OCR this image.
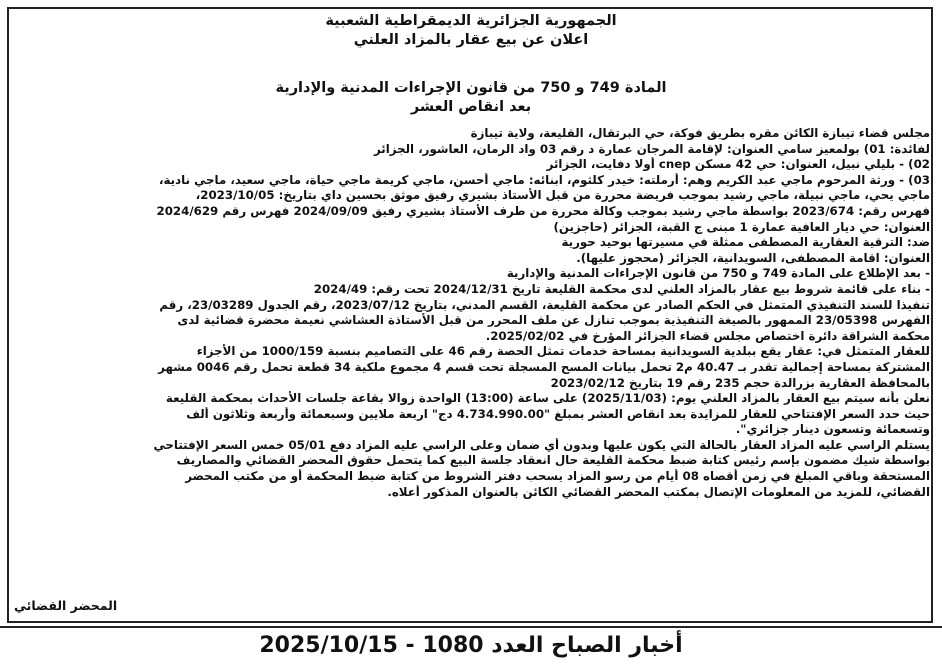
الجمهورية الجزائرية الديمقراطية الشعبية
اعلان عن بيع عقار بالمزاد العلني
المادة 749 و 750 من قانون الإجراءات المدنية والإدارية
بعد انقاص العشر

مجلس قضاء تيبازة الكائن مقره بطريق فوكة، حي البرتقال، القليعة، ولاية تيبازة

لفائدة: 01) بولمعيز سامي العنوان: لإقامة المرجان عمارة د رقم 03 واد الرمان، العاشور، الجزائر

02) - بليلي نبيل، العنوان: حي 42 مسكن cnep أولا دفايت، الجزائر

03) - ورثة المرحوم ماجي عبد الكريم وهم: أرملته: خيدر كلثوم، ابنائه: ماجي أحسن، ماجي كريمة ماجي حياة، ماجي سعيد، ماجي نادية،

ماجي يحي، ماجي نبيلة، ماجي رشيد بموجب فريضة محررة من قبل الأستاذ بشيري رفيق موثق بحسين داي بتاريخ: 2023/10/05،

فهرس رقم: 2023/674 بواسطة ماجي رشيد بموجب وكالة محررة من طرف الأستاذ بشيري رفيق 2024/09/09 فهرس رقم 2024/629

العنوان: حي ديار العافية عمارة 1 مبنى ج القبة، الجزائر (حاجزين)

ضد: الترقية العقارية المصطفى ممثلة في مسيرتها بوحيد حورية

العنوان: اقامة المصطفى، السويدانية، الجزائر (محجوز عليها).

- بعد الإطلاع على المادة 749 و 750 من قانون الإجراءات المدنية والإدارية

- بناء على قائمة شروط بيع عقار بالمزاد العلني لدى محكمة القليعة تاريخ 2024/12/31 تحت رقم: 2024/49

تنفيذا للسند التنفيذي المتمثل في الحكم الصادر عن محكمة القليعة، القسم المدني، بتاريخ 2023/07/12، رقم الجدول 23/03289، رقم

الفهرس 23/05398 الممهور بالصيغة التنفيذية بموجب تنازل عن ملف المحرر من قبل الأستاذة العشاشي نعيمة محضرة قضائية لدى

محكمة الشراقة دائرة اختصاص مجلس قضاء الجزائر المؤرخ في 2025/02/02.

للعقار المتمثل في: عقار يقع ببلدية السويدانية بمساحة خدمات تمثل الحصة رقم 46 على التصاميم بنسبة 1000/159 من الأجزاء

المشتركة بمساحة إجمالية تقدر بـ 40.47 م2 تحمل بيانات المسح المسجلة تحت قسم 4 مجموع ملكية 34 قطعة تحمل رقم 0046 مشهر

بالمحافظة العقارية بزرالدة حجم 235 رقم 19 بتاريخ 2023/02/12

نعلن بأنه سيتم بيع العقار بالمزاد العلني يوم: (2025/11/03) على ساعة (13:00) الواحدة زوالا بقاعة جلسات الأحداث بمحكمة القليعة

حيث حدد السعر الإفتتاحي للعقار للمزايدة بعد انقاص العشر بمبلغ "4.734.990.00 دج" اربعة ملايين وسبعمائة وأربعة وثلاثون ألف

وتسعمائة وتسعون دينار جزائري".

يستلم الراسي عليه المزاد العقار بالحالة التي يكون عليها وبدون أي ضمان وعلى الراسي عليه المزاد دفع 05/01 خمس السعر الإفتتاحي

بواسطة شيك مضمون بإسم رئيس كتابة ضبط محكمة القليعة حال انعقاد جلسة البيع كما يتحمل حقوق المحضر القضائي والمصاريف

المستحقة وباقي المبلغ في زمن أقصاه 08 أيام من رسو المزاد يسحب دفتر الشروط من كتابة ضبط المحكمة أو من مكتب المحضر

القضائي، للمزيد من المعلومات الإتصال بمكتب المحضر القضائي الكائن بالعنوان المذكور أعلاه.

المحضر القضائي
أخبار الصباح العدد 1080 - 2025/10/15
